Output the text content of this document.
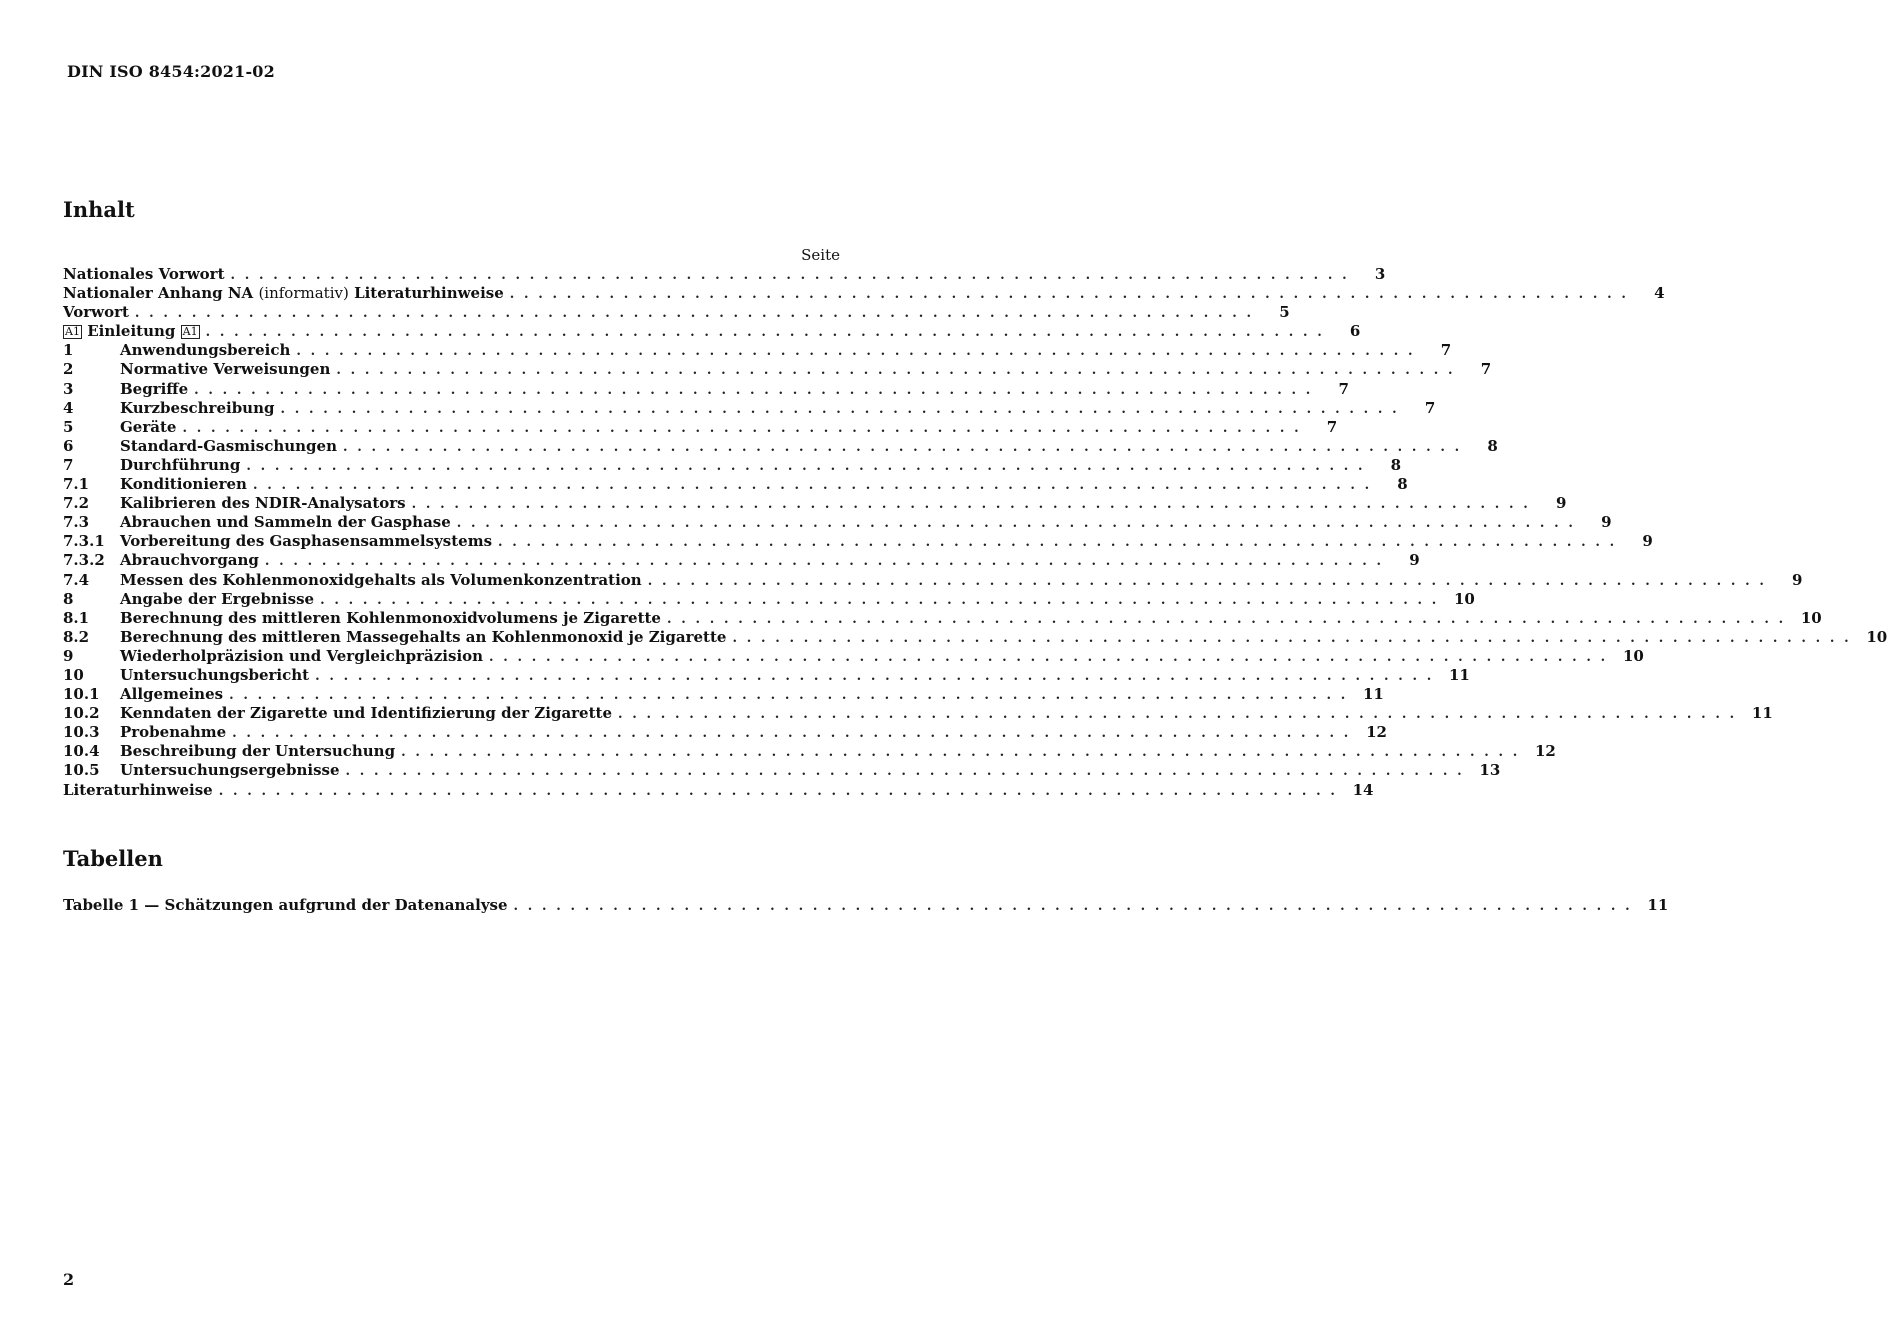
DIN ISO 8454:2021-02
Inhalt
Seite
Nationales Vorwort . . . . . . . . . . . . . . . . . . . . . . . . . . . . . . . . . . . . . . . . . . . . . . . . . . . . . . . . . . . . . . . . . . . . . . . . . . . . . . .	3
Nationaler Anhang NA (informativ) Literaturhinweise . . . . . . . . . . . . . . . . . . . . . . . . . . . . . . . . . . . . . . . . . . . . . . . . . . . . . . . . . . . . . . . . . . . . . . . . . . . . . . .	4
Vorwort . . . . . . . . . . . . . . . . . . . . . . . . . . . . . . . . . . . . . . . . . . . . . . . . . . . . . . . . . . . . . . . . . . . . . . . . . . . . . . .	5
A1 Einleitung A1 . . . . . . . . . . . . . . . . . . . . . . . . . . . . . . . . . . . . . . . . . . . . . . . . . . . . . . . . . . . . . . . . . . . . . . . . . . . . . . .	6
1	Anwendungsbereich . . . . . . . . . . . . . . . . . . . . . . . . . . . . . . . . . . . . . . . . . . . . . . . . . . . . . . . . . . . . . . . . . . . . . . . . . . . . . . .	7
2	Normative Verweisungen . . . . . . . . . . . . . . . . . . . . . . . . . . . . . . . . . . . . . . . . . . . . . . . . . . . . . . . . . . . . . . . . . . . . . . . . . . . . . . .	7
3	Begriffe . . . . . . . . . . . . . . . . . . . . . . . . . . . . . . . . . . . . . . . . . . . . . . . . . . . . . . . . . . . . . . . . . . . . . . . . . . . . . . .	7
4	Kurzbeschreibung . . . . . . . . . . . . . . . . . . . . . . . . . . . . . . . . . . . . . . . . . . . . . . . . . . . . . . . . . . . . . . . . . . . . . . . . . . . . . . .	7
5	Geräte . . . . . . . . . . . . . . . . . . . . . . . . . . . . . . . . . . . . . . . . . . . . . . . . . . . . . . . . . . . . . . . . . . . . . . . . . . . . . . .	7
6	Standard-Gasmischungen . . . . . . . . . . . . . . . . . . . . . . . . . . . . . . . . . . . . . . . . . . . . . . . . . . . . . . . . . . . . . . . . . . . . . . . . . . . . . . .	8
7	Durchführung . . . . . . . . . . . . . . . . . . . . . . . . . . . . . . . . . . . . . . . . . . . . . . . . . . . . . . . . . . . . . . . . . . . . . . . . . . . . . . .	8
7.1	Konditionieren . . . . . . . . . . . . . . . . . . . . . . . . . . . . . . . . . . . . . . . . . . . . . . . . . . . . . . . . . . . . . . . . . . . . . . . . . . . . . . .	8
7.2	Kalibrieren des NDIR-Analysators . . . . . . . . . . . . . . . . . . . . . . . . . . . . . . . . . . . . . . . . . . . . . . . . . . . . . . . . . . . . . . . . . . . . . . . . . . . . . . .	9
7.3	Abrauchen und Sammeln der Gasphase . . . . . . . . . . . . . . . . . . . . . . . . . . . . . . . . . . . . . . . . . . . . . . . . . . . . . . . . . . . . . . . . . . . . . . . . . . . . . . .	9
7.3.1	Vorbereitung des Gasphasensammelsystems . . . . . . . . . . . . . . . . . . . . . . . . . . . . . . . . . . . . . . . . . . . . . . . . . . . . . . . . . . . . . . . . . . . . . . . . . . . . . . .	9
7.3.2	Abrauchvorgang . . . . . . . . . . . . . . . . . . . . . . . . . . . . . . . . . . . . . . . . . . . . . . . . . . . . . . . . . . . . . . . . . . . . . . . . . . . . . . .	9
7.4	Messen des Kohlenmonoxidgehalts als Volumenkonzentration . . . . . . . . . . . . . . . . . . . . . . . . . . . . . . . . . . . . . . . . . . . . . . . . . . . . . . . . . . . . . . . . . . . . . . . . . . . . . . .	9
8	Angabe der Ergebnisse . . . . . . . . . . . . . . . . . . . . . . . . . . . . . . . . . . . . . . . . . . . . . . . . . . . . . . . . . . . . . . . . . . . . . . . . . . . . . . .	10
8.1	Berechnung des mittleren Kohlenmonoxidvolumens je Zigarette . . . . . . . . . . . . . . . . . . . . . . . . . . . . . . . . . . . . . . . . . . . . . . . . . . . . . . . . . . . . . . . . . . . . . . . . . . . . . . .	10
8.2	Berechnung des mittleren Massegehalts an Kohlenmonoxid je Zigarette . . . . . . . . . . . . . . . . . . . . . . . . . . . . . . . . . . . . . . . . . . . . . . . . . . . . . . . . . . . . . . . . . . . . . . . . . . . . . . .	10
9	Wiederholpräzision und Vergleichpräzision . . . . . . . . . . . . . . . . . . . . . . . . . . . . . . . . . . . . . . . . . . . . . . . . . . . . . . . . . . . . . . . . . . . . . . . . . . . . . . .	10
10	Untersuchungsbericht . . . . . . . . . . . . . . . . . . . . . . . . . . . . . . . . . . . . . . . . . . . . . . . . . . . . . . . . . . . . . . . . . . . . . . . . . . . . . . .	11
10.1	Allgemeines . . . . . . . . . . . . . . . . . . . . . . . . . . . . . . . . . . . . . . . . . . . . . . . . . . . . . . . . . . . . . . . . . . . . . . . . . . . . . . .	11
10.2	Kenndaten der Zigarette und Identifizierung der Zigarette . . . . . . . . . . . . . . . . . . . . . . . . . . . . . . . . . . . . . . . . . . . . . . . . . . . . . . . . . . . . . . . . . . . . . . . . . . . . . . .	11
10.3	Probenahme . . . . . . . . . . . . . . . . . . . . . . . . . . . . . . . . . . . . . . . . . . . . . . . . . . . . . . . . . . . . . . . . . . . . . . . . . . . . . . .	12
10.4	Beschreibung der Untersuchung . . . . . . . . . . . . . . . . . . . . . . . . . . . . . . . . . . . . . . . . . . . . . . . . . . . . . . . . . . . . . . . . . . . . . . . . . . . . . . .	12
10.5	Untersuchungsergebnisse . . . . . . . . . . . . . . . . . . . . . . . . . . . . . . . . . . . . . . . . . . . . . . . . . . . . . . . . . . . . . . . . . . . . . . . . . . . . . . .	13
Literaturhinweise . . . . . . . . . . . . . . . . . . . . . . . . . . . . . . . . . . . . . . . . . . . . . . . . . . . . . . . . . . . . . . . . . . . . . . . . . . . . . . .	14
Tabellen
Tabelle 1 — Schätzungen aufgrund der Datenanalyse . . . . . . . . . . . . . . . . . . . . . . . . . . . . . . . . . . . . . . . . . . . . . . . . . . . . . . . . . . . . . . . . . . . . . . . . . . . . . . .	11
2
